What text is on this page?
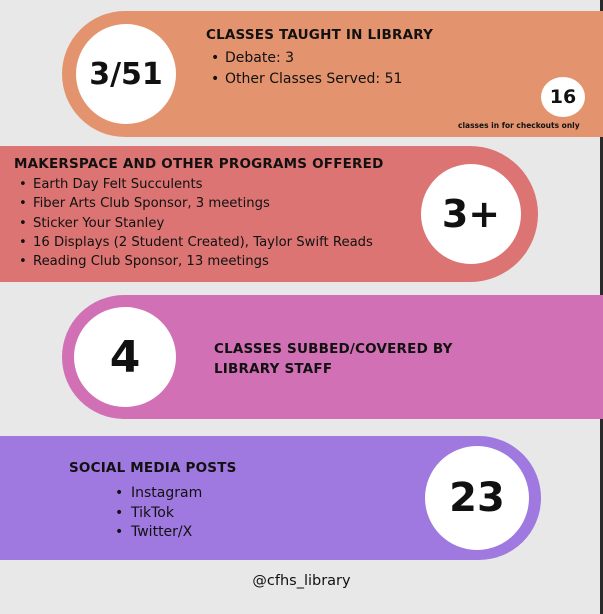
3/51
CLASSES TAUGHT IN LIBRARY
• Debate: 3
• Other Classes Served: 51
16
classes in for checkouts only
MAKERSPACE AND OTHER PROGRAMS OFFERED
• Earth Day Felt Succulents
• Fiber Arts Club Sponsor, 3 meetings
• Sticker Your Stanley
• 16 Displays (2 Student Created), Taylor Swift Reads
• Reading Club Sponsor, 13 meetings
3+
4	CLASSES SUBBED/COVERED BY
LIBRARY STAFF
SOCIAL MEDIA POSTS
• Instagram
• TikTok
• Twitter/X
23
@cfhs_library
